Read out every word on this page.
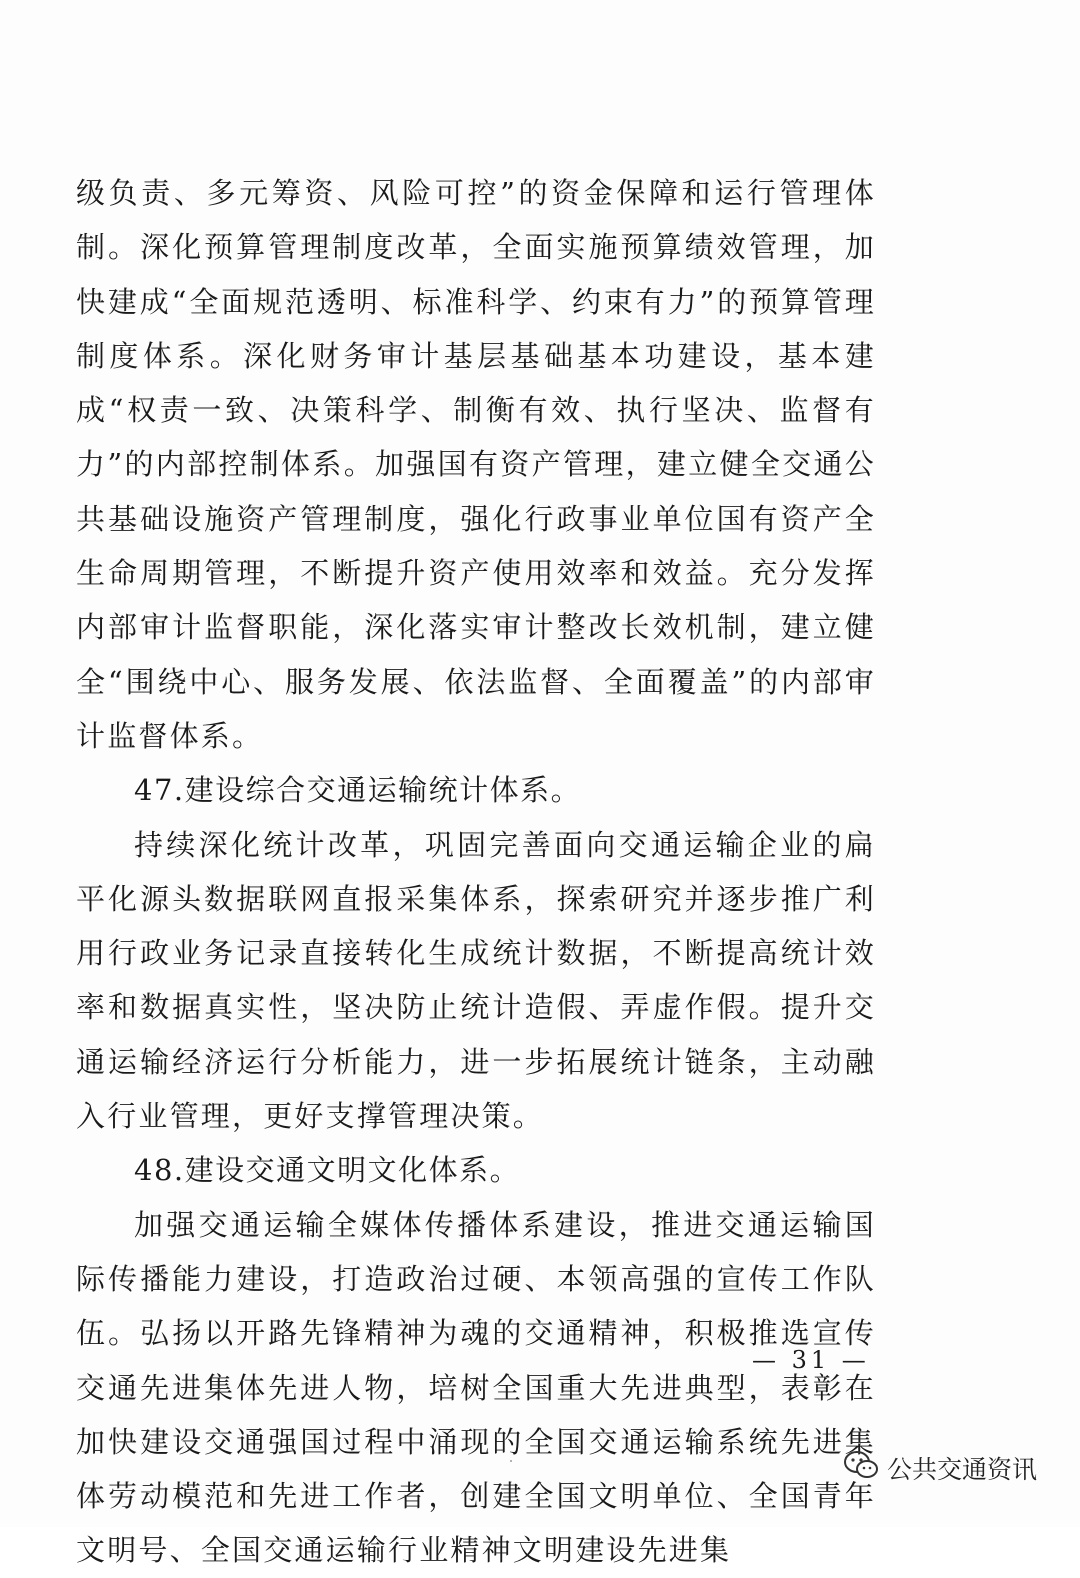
级负责、多元筹资、风险可控”的资金保障和运行管理体制。深化预算管理制度改革，全面实施预算绩效管理，加快建成“全面规范透明、标准科学、约束有力”的预算管理制度体系。深化财务审计基层基础基本功建设，基本建成“权责一致、决策科学、制衡有效、执行坚决、监督有力”的内部控制体系。加强国有资产管理，建立健全交通公共基础设施资产管理制度，强化行政事业单位国有资产全生命周期管理，不断提升资产使用效率和效益。充分发挥内部审计监督职能，深化落实审计整改长效机制，建立健全“围绕中心、服务发展、依法监督、全面覆盖”的内部审计监督体系。

47.建设综合交通运输统计体系。

持续深化统计改革，巩固完善面向交通运输企业的扁平化源头数据联网直报采集体系，探索研究并逐步推广利用行政业务记录直接转化生成统计数据，不断提高统计效率和数据真实性，坚决防止统计造假、弄虚作假。提升交通运输经济运行分析能力，进一步拓展统计链条，主动融入行业管理，更好支撑管理决策。

48.建设交通文明文化体系。

加强交通运输全媒体传播体系建设，推进交通运输国际传播能力建设，打造政治过硬、本领高强的宣传工作队伍。弘扬以开路先锋精神为魂的交通精神，积极推选宣传交通先进集体先进人物，培树全国重大先进典型，表彰在加快建设交通强国过程中涌现的全国交通运输系统先进集体劳动模范和先进工作者，创建全国文明单位、全国青年文明号、全国交通运输行业精神文明建设先进集

— 31 —
公共交通资讯
